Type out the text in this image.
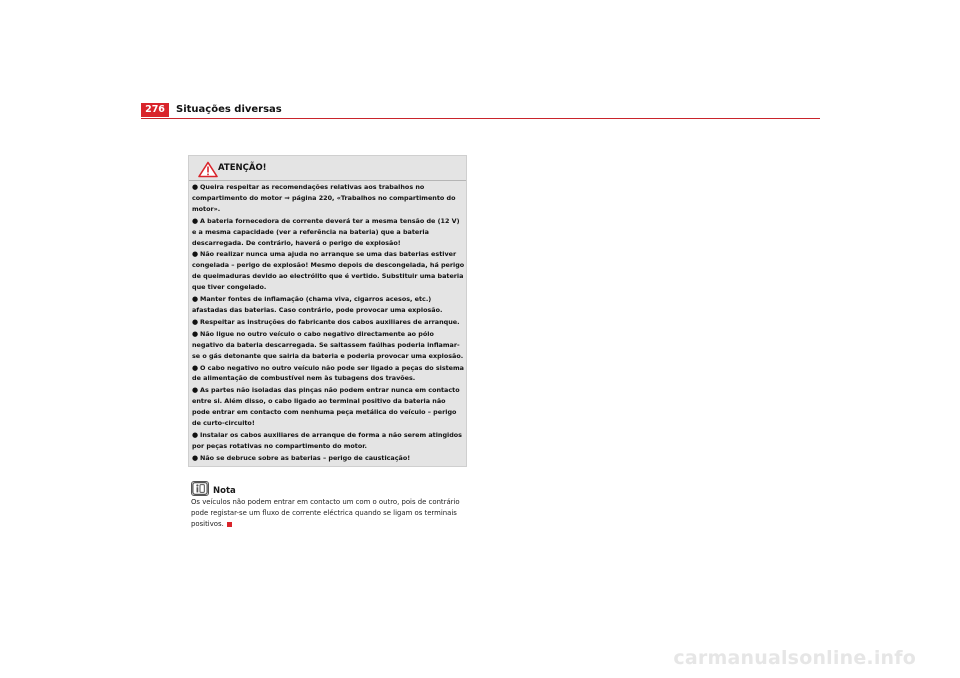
276	Situações diversas
ATENÇÃO!
● Queira respeitar as recomendações relativas aos trabalhos no compartimento do motor ⇒ página 220, «Trabalhos no compartimento do motor».
● A bateria fornecedora de corrente deverá ter a mesma tensão de (12 V) e a mesma capacidade (ver a referência na bateria) que a bateria descarregada. De contrário, haverá o perigo de explosão!
● Não realizar nunca uma ajuda no arranque se uma das baterias estiver congelada – perigo de explosão! Mesmo depois de descongelada, há perigo de queimaduras devido ao electrólito que é vertido. Substituir uma bateria que tiver congelado.
● Manter fontes de inflamação (chama viva, cigarros acesos, etc.) afastadas das baterias. Caso contrário, pode provocar uma explosão.
● Respeitar as instruções do fabricante dos cabos auxiliares de arranque.
● Não ligue no outro veículo o cabo negativo directamente ao pólo negativo da bateria descarregada. Se saltassem faúlhas poderia inflamar-se o gás detonante que sairia da bateria e poderia provocar uma explosão.
● O cabo negativo no outro veículo não pode ser ligado a peças do sistema de alimentação de combustível nem às tubagens dos travões.
● As partes não isoladas das pinças não podem entrar nunca em contacto entre si. Além disso, o cabo ligado ao terminal positivo da bateria não pode entrar em contacto com nenhuma peça metálica do veículo – perigo de curto-circuito!
● Instalar os cabos auxiliares de arranque de forma a não serem atingidos por peças rotativas no compartimento do motor.
● Não se debruce sobre as baterias – perigo de causticação!
Nota
Os veículos não podem entrar em contacto um com o outro, pois de contrário pode registar-se um fluxo de corrente eléctrica quando se ligam os terminais positivos.
carmanualsonline.info
